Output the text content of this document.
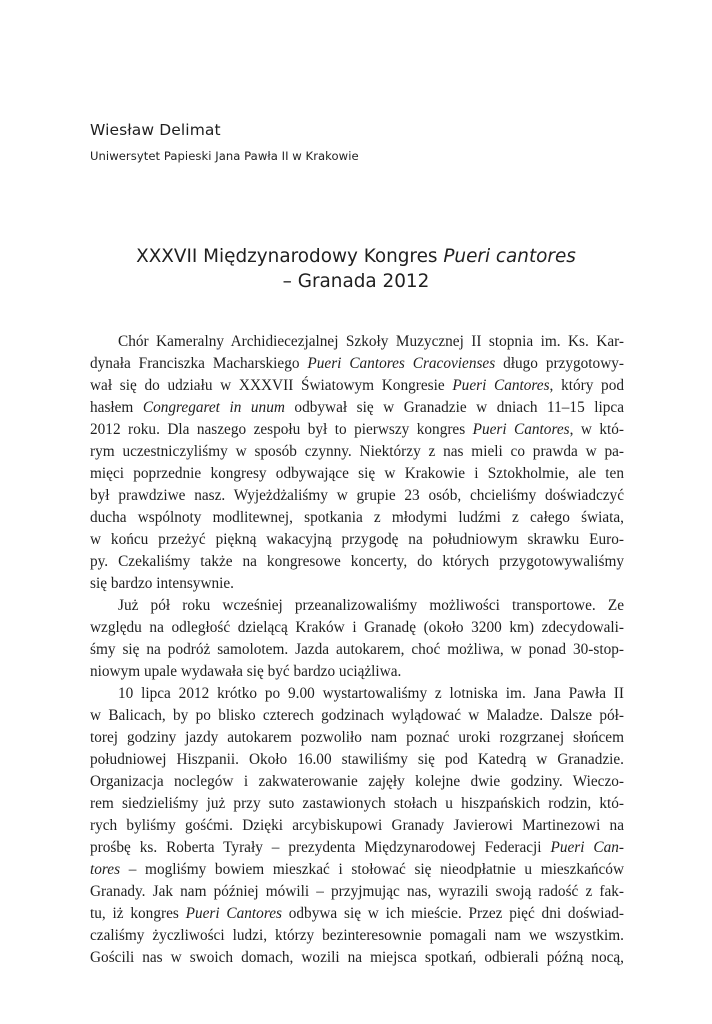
Wiesław Delimat
Uniwersytet Papieski Jana Pawła II w Krakowie
XXXVII Międzynarodowy Kongres Pueri cantores
– Granada 2012
Chór Kameralny Archidiecezjalnej Szkoły Muzycznej II stopnia im. Ks. Kar-
dynała Franciszka Macharskiego Pueri Cantores Cracovienses długo przygotowy-
wał się do udziału w XXXVII Światowym Kongresie Pueri Cantores, który pod
hasłem Congregaret in unum odbywał się w Granadzie w dniach 11–15 lipca
2012 roku. Dla naszego zespołu był to pierwszy kongres Pueri Cantores, w któ-
rym uczestniczyliśmy w sposób czynny. Niektórzy z nas mieli co prawda w pa-
mięci poprzednie kongresy odbywające się w Krakowie i Sztokholmie, ale ten
był prawdziwe nasz. Wyjeżdżaliśmy w grupie 23 osób, chcieliśmy doświadczyć
ducha wspólnoty modlitewnej, spotkania z młodymi ludźmi z całego świata,
w końcu przeżyć piękną wakacyjną przygodę na południowym skrawku Euro-
py. Czekaliśmy także na kongresowe koncerty, do których przygotowywaliśmy
się bardzo intensywnie.
Już pół roku wcześniej przeanalizowaliśmy możliwości transportowe. Ze
względu na odległość dzielącą Kraków i Granadę (około 3200 km) zdecydowali-
śmy się na podróż samolotem. Jazda autokarem, choć możliwa, w ponad 30-stop-
niowym upale wydawała się być bardzo uciążliwa.
10 lipca 2012 krótko po 9.00 wystartowaliśmy z lotniska im. Jana Pawła II
w Balicach, by po blisko czterech godzinach wylądować w Maladze. Dalsze pół-
torej godziny jazdy autokarem pozwoliło nam poznać uroki rozgrzanej słońcem
południowej Hiszpanii. Około 16.00 stawiliśmy się pod Katedrą w Granadzie.
Organizacja noclegów i zakwaterowanie zajęły kolejne dwie godziny. Wieczo-
rem siedzieliśmy już przy suto zastawionych stołach u hiszpańskich rodzin, któ-
rych byliśmy gośćmi. Dzięki arcybiskupowi Granady Javierowi Martinezowi na
prośbę ks. Roberta Tyrały – prezydenta Międzynarodowej Federacji Pueri Can-
tores – mogliśmy bowiem mieszkać i stołować się nieodpłatnie u mieszkańców
Granady. Jak nam później mówili – przyjmując nas, wyrazili swoją radość z fak-
tu, iż kongres Pueri Cantores odbywa się w ich mieście. Przez pięć dni doświad-
czaliśmy życzliwości ludzi, którzy bezinteresownie pomagali nam we wszystkim.
Gościli nas w swoich domach, wozili na miejsca spotkań, odbierali późną nocą,
